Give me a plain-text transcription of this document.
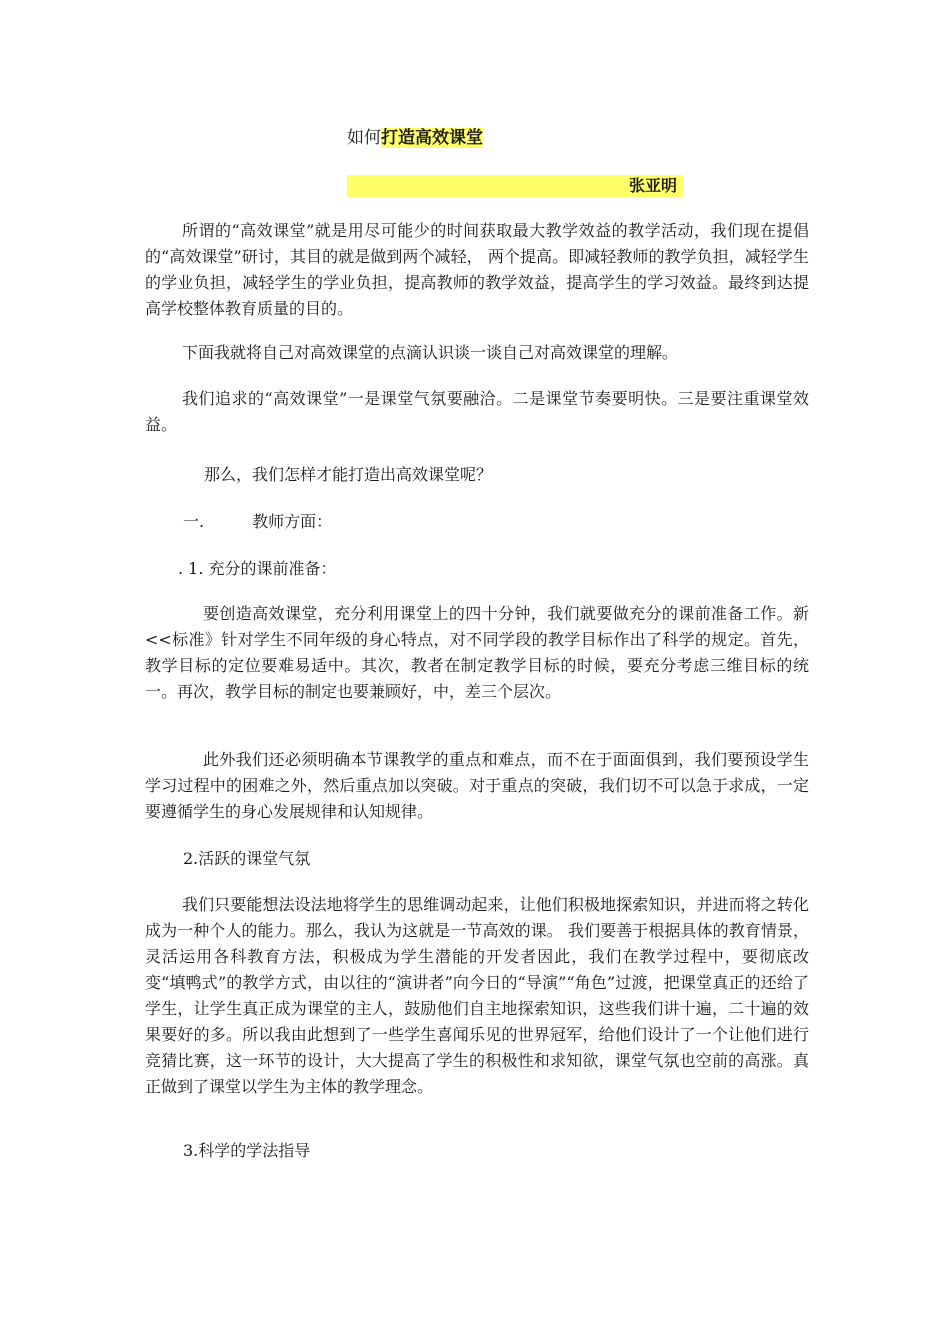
如何打造高效课堂
张亚明

所谓的“高效课堂”就是用尽可能少的时间获取最大教学效益的教学活动，我们现在提倡的“高效课堂”研讨，其目的就是做到两个减轻， 两个提高。即减轻教师的教学负担，减轻学生的学业负担，减轻学生的学业负担，提高教师的教学效益，提高学生的学习效益。最终到达提高学校整体教育质量的目的。

下面我就将自己对高效课堂的点滴认识谈一谈自己对高效课堂的理解。

我们追求的“高效课堂”一是课堂气氛要融洽。二是课堂节奏要明快。三是要注重课堂效益。

那么，我们怎样才能打造出高效课堂呢？

一.	教师方面：

. 1. 充分的课前准备：

要创造高效课堂，充分利用课堂上的四十分钟，我们就要做充分的课前准备工作。新<<标准》针对学生不同年级的身心特点，对不同学段的教学目标作出了科学的规定。首先，教学目标的定位要难易适中。其次，教者在制定教学目标的时候，要充分考虑三维目标的统一。再次，教学目标的制定也要兼顾好，中，差三个层次。

此外我们还必须明确本节课教学的重点和难点，而不在于面面俱到，我们要预设学生学习过程中的困难之外，然后重点加以突破。对于重点的突破，我们切不可以急于求成，一定要遵循学生的身心发展规律和认知规律。

2.活跃的课堂气氛

我们只要能想法设法地将学生的思维调动起来，让他们积极地探索知识，并进而将之转化成为一种个人的能力。那么，我认为这就是一节高效的课。 我们要善于根据具体的教育情景，灵活运用各科教育方法，积极成为学生潜能的开发者因此，我们在教学过程中，要彻底改变“填鸭式”的教学方式，由以往的“演讲者”向今日的“导演”“角色”过渡，把课堂真正的还给了学生，让学生真正成为课堂的主人，鼓励他们自主地探索知识，这些我们讲十遍，二十遍的效果要好的多。所以我由此想到了一些学生喜闻乐见的世界冠军，给他们设计了一个让他们进行竞猜比赛，这一环节的设计，大大提高了学生的积极性和求知欲，课堂气氛也空前的高涨。真正做到了课堂以学生为主体的教学理念。

3.科学的学法指导
